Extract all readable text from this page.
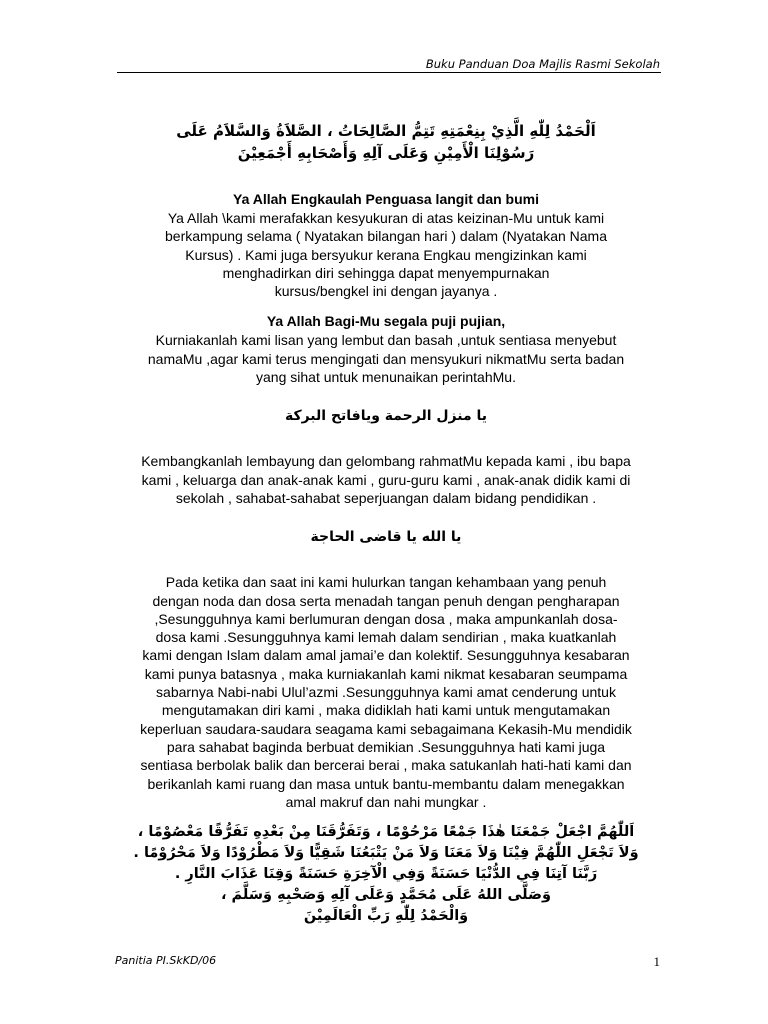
Buku Panduan Doa Majlis Rasmi Sekolah
اَلْحَمْدُ لِلّٰهِ الَّذِيْ بِنِعْمَتِهِ تَتِمُّ الصَّالِحَاتُ ، الصَّلاَةُ وَالسَّلاَمُ عَلَى
رَسُوْلِنَا الْأَمِيْنِ وَعَلَى آلِهِ وَأَصْحَابِهِ أَجْمَعِيْنَ

Ya Allah Engkaulah Penguasa langit dan bumi

Ya Allah \kami merafakkan kesyukuran di atas keizinan-Mu untuk kami
berkampung selama ( Nyatakan bilangan hari ) dalam (Nyatakan Nama
Kursus) . Kami juga bersyukur kerana Engkau mengizinkan kami
menghadirkan diri sehingga dapat menyempurnakan
kursus/bengkel ini dengan jayanya .

Ya Allah Bagi-Mu segala puji pujian,

Kurniakanlah kami lisan yang lembut dan basah ,untuk sentiasa menyebut
namaMu ,agar kami terus mengingati dan mensyukuri nikmatMu serta badan
yang sihat untuk menunaikan perintahMu.
يا منزل الرحمة ويافاتح البركة
Kembangkanlah lembayung dan gelombang rahmatMu kepada kami , ibu bapa
kami , keluarga dan anak-anak kami , guru-guru kami , anak-anak didik kami di
sekolah , sahabat-sahabat seperjuangan dalam bidang pendidikan .
يا الله يا قاضى الحاجة
Pada ketika dan saat ini kami hulurkan tangan kehambaan yang penuh
dengan noda dan dosa serta menadah tangan penuh dengan pengharapan
,Sesungguhnya kami berlumuran dengan dosa , maka ampunkanlah dosa-
dosa kami .Sesungguhnya kami lemah dalam sendirian , maka kuatkanlah
kami dengan Islam dalam amal jamai’e dan kolektif. Sesungguhnya kesabaran
kami punya batasnya , maka kurniakanlah kami nikmat kesabaran seumpama
sabarnya Nabi-nabi Ulul’azmi .Sesungguhnya kami amat cenderung untuk
mengutamakan diri kami , maka didiklah hati kami untuk mengutamakan
keperluan saudara-saudara seagama kami sebagaimana Kekasih-Mu mendidik
para sahabat baginda berbuat demikian .Sesungguhnya hati kami juga
sentiasa berbolak balik dan bercerai berai , maka satukanlah hati-hati kami dan
berikanlah kami ruang dan masa untuk bantu-membantu dalam menegakkan
amal makruf dan nahi mungkar .
اَللّٰهُمَّ اجْعَلْ جَمْعَنَا هٰذَا جَمْعًا مَرْحُوْمًا ، وَتَفَرُّقَنَا مِنْ بَعْدِهِ تَفَرُّقًا مَعْصُوْمًا ،
وَلاَ تَجْعَلِ اللّٰهُمَّ فِيْنَا وَلاَ مَعَنَا وَلاَ مَنْ يَتْبَعُنَا شَقِيًّا وَلاَ مَطْرُوْدًا وَلاَ مَحْرُوْمًا .
رَبَّنَا آتِنَا فِي الدُّنْيَا حَسَنَةً وَفِي الْآخِرَةِ حَسَنَةً وَقِنَا عَذَابَ النَّارِ .
وَصَلَّى اللهُ عَلَى مُحَمَّدٍ وَعَلَى آلِهِ وَصَحْبِهِ وَسَلَّمَ ،
وَالْحَمْدُ لِلّٰهِ رَبِّ الْعَالَمِيْنَ
Panitia PI.SkKD/06	1
